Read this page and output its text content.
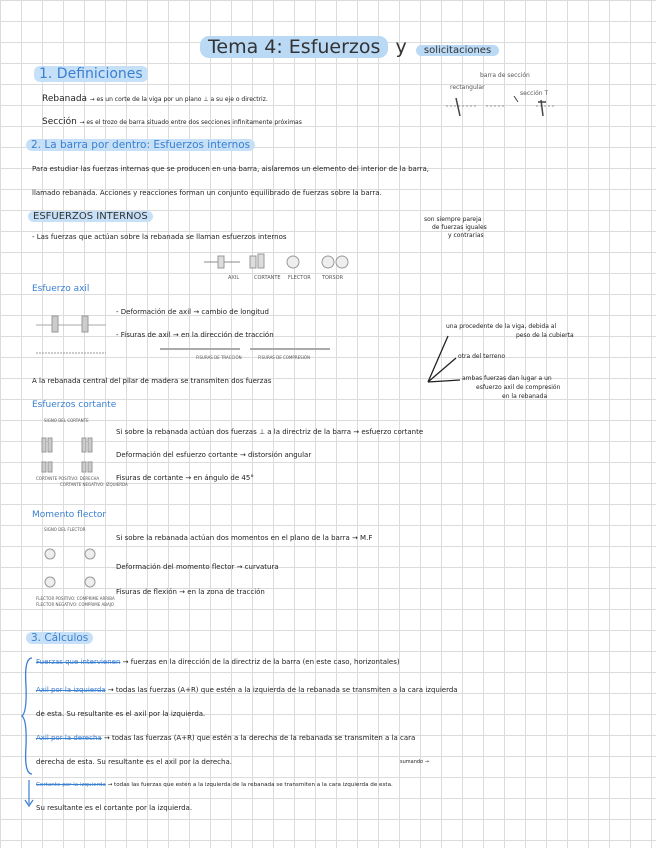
Tema 4: Esfuerzos y solicitaciones
1. Definiciones
Rebanada → es un corte de la viga por un plano ⊥ a su eje o directriz.
Sección → es el trozo de barra situado entre dos secciones infinitamente próximas
barra de sección
rectangular
sección T
2. La barra por dentro: Esfuerzos internos
Para estudiar las fuerzas internas que se producen en una barra, aislaremos un elemento del interior de la barra,
llamado rebanada. Acciones y reacciones forman un conjunto equilibrado de fuerzas sobre la barra.
ESFUERZOS INTERNOS
- Las fuerzas que actúan sobre la rebanada se llaman esfuerzos internos
son siempre pareja
de fuerzas iguales
y contrarias
AXIL	CORTANTE FLECTOR TORSOR
Esfuerzo axil
- Deformación de axil → cambio de longitud
- Fisuras de axil → en la dirección de tracción
FISURAS DE TRACCIÓN	FISURAS DE COMPRESIÓN
A la rebanada central del pilar de madera se transmiten dos fuerzas
una procedente de la viga, debida al
peso de la cubierta
otra del terreno
ambas fuerzas dan lugar a un
esfuerzo axil de compresión
en la rebanada
Esfuerzos cortante
SIGNO DEL CORTANTE
CORTANTE POSITIVO: DERECHA
CORTANTE NEGATIVO: IZQUIERDA
Si sobre la rebanada actúan dos fuerzas ⊥ a la directriz de la barra → esfuerzo cortante
Deformación del esfuerzo cortante → distorsión angular
Fisuras de cortante → en ángulo de 45°
Momento flector
SIGNO DEL FLECTOR
FLECTOR POSITIVO: COMPRIME ARRIBA
FLECTOR NEGATIVO: COMPRIME ABAJO
Si sobre la rebanada actúan dos momentos en el plano de la barra → M.F
Deformación del momento flector → curvatura
Fisuras de flexión → en la zona de tracción
3. Cálculos
Fuerzas que intervienen → fuerzas en la dirección de la directriz de la barra (en este caso, horizontales)
Axil por la izquierda → todas las fuerzas (A+R) que estén a la izquierda de la rebanada se transmiten a la cara izquierda
de esta. Su resultante es el axil por la izquierda.
Axil por la derecha → todas las fuerzas (A+R) que estén a la derecha de la rebanada se transmiten a la cara
derecha de esta. Su resultante es el axil por la derecha.	sumando →
Cortante por la izquierda → todas las fuerzas que estén a la izquierda de la rebanada se transmiten a la cara izquierda de esta.
Su resultante es el cortante por la izquierda.
